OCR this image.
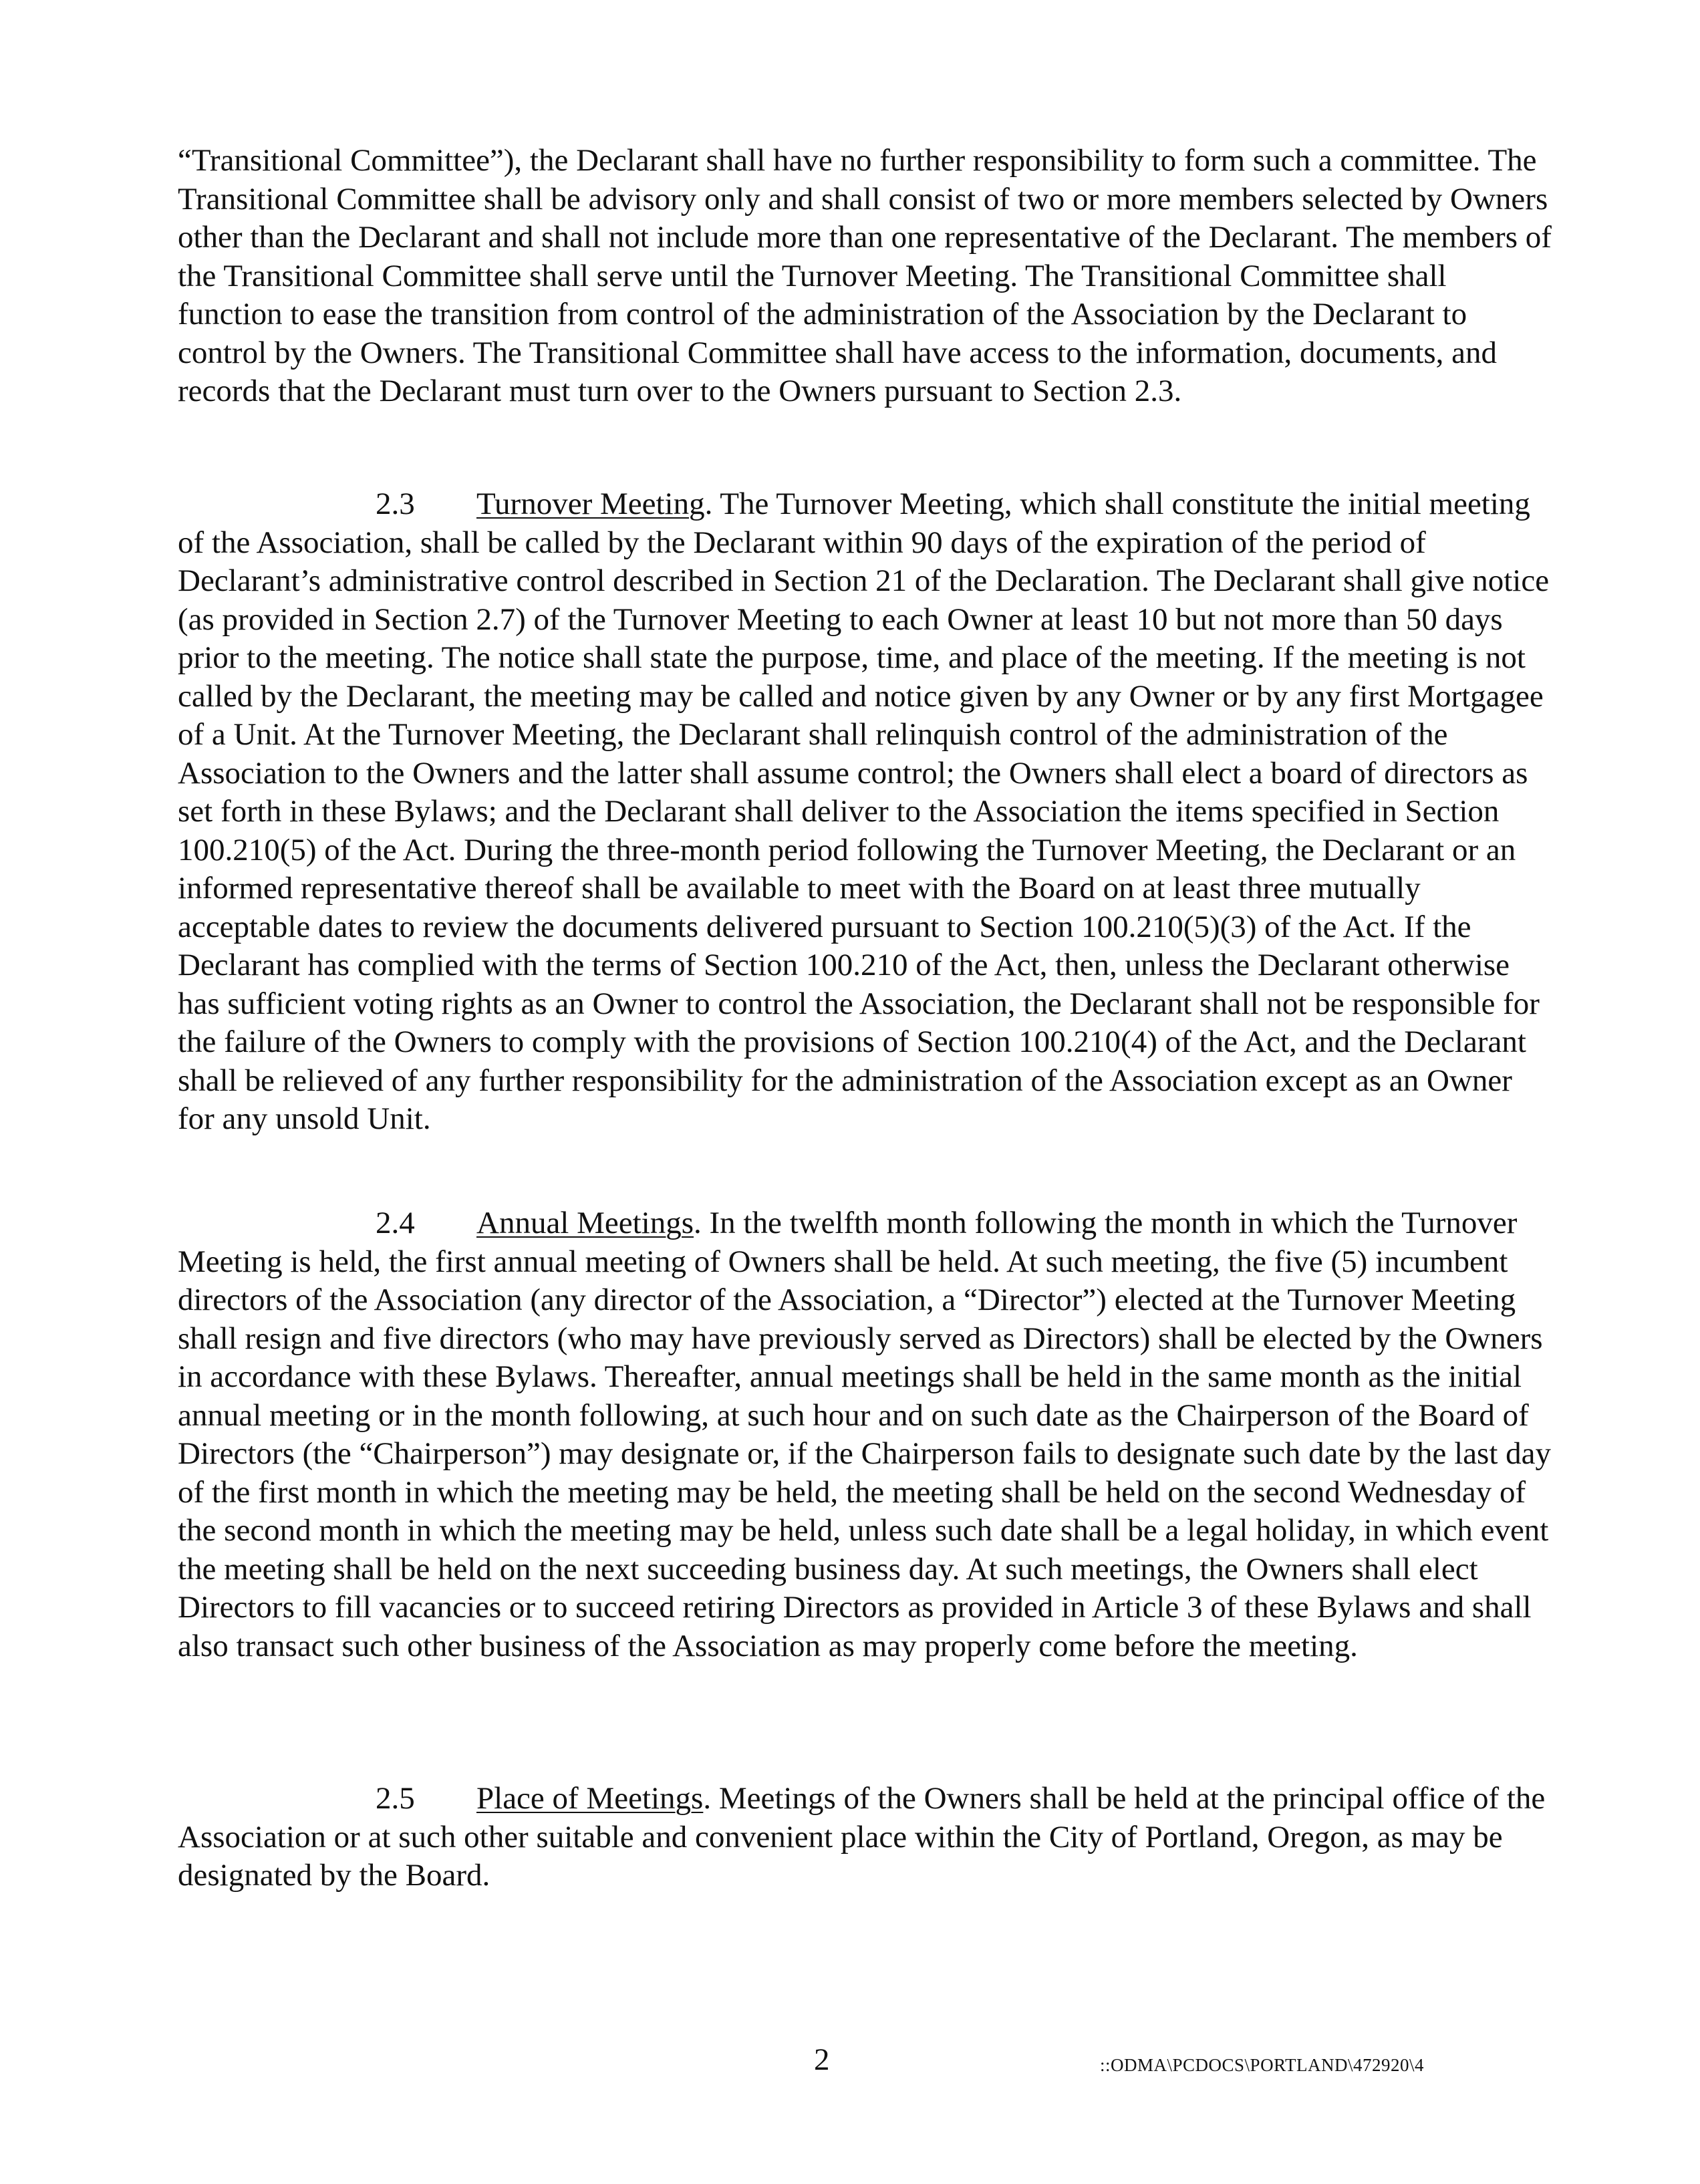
“Transitional Committee”), the Declarant shall have no further responsibility to form such a committee. The Transitional Committee shall be advisory only and shall consist of two or more members selected by Owners other than the Declarant and shall not include more than one representative of the Declarant. The members of the Transitional Committee shall serve until the Turnover Meeting. The Transitional Committee shall function to ease the transition from control of the administration of the Association by the Declarant to control by the Owners. The Transitional Committee shall have access to the information, documents, and records that the Declarant must turn over to the Owners pursuant to Section 2.3.

2.3 Turnover Meeting. The Turnover Meeting, which shall constitute the initial meeting of the Association, shall be called by the Declarant within 90 days of the expiration of the period of Declarant’s administrative control described in Section 21 of the Declaration. The Declarant shall give notice (as provided in Section 2.7) of the Turnover Meeting to each Owner at least 10 but not more than 50 days prior to the meeting. The notice shall state the purpose, time, and place of the meeting. If the meeting is not called by the Declarant, the meeting may be called and notice given by any Owner or by any first Mortgagee of a Unit. At the Turnover Meeting, the Declarant shall relinquish control of the administration of the Association to the Owners and the latter shall assume control; the Owners shall elect a board of directors as set forth in these Bylaws; and the Declarant shall deliver to the Association the items specified in Section 100.210(5) of the Act. During the three-month period following the Turnover Meeting, the Declarant or an informed representative thereof shall be available to meet with the Board on at least three mutually acceptable dates to review the documents delivered pursuant to Section 100.210(5)(3) of the Act. If the Declarant has complied with the terms of Section 100.210 of the Act, then, unless the Declarant otherwise has sufficient voting rights as an Owner to control the Association, the Declarant shall not be responsible for the failure of the Owners to comply with the provisions of Section 100.210(4) of the Act, and the Declarant shall be relieved of any further responsibility for the administration of the Association except as an Owner for any unsold Unit.

2.4 Annual Meetings. In the twelfth month following the month in which the Turnover Meeting is held, the first annual meeting of Owners shall be held. At such meeting, the five (5) incumbent directors of the Association (any director of the Association, a “Director”) elected at the Turnover Meeting shall resign and five directors (who may have previously served as Directors) shall be elected by the Owners in accordance with these Bylaws. Thereafter, annual meetings shall be held in the same month as the initial annual meeting or in the month following, at such hour and on such date as the Chairperson of the Board of Directors (the “Chairperson”) may designate or, if the Chairperson fails to designate such date by the last day of the first month in which the meeting may be held, the meeting shall be held on the second Wednesday of the second month in which the meeting may be held, unless such date shall be a legal holiday, in which event the meeting shall be held on the next succeeding business day. At such meetings, the Owners shall elect Directors to fill vacancies or to succeed retiring Directors as provided in Article 3 of these Bylaws and shall also transact such other business of the Association as may properly come before the meeting.

2.5 Place of Meetings. Meetings of the Owners shall be held at the principal office of the Association or at such other suitable and convenient place within the City of Portland, Oregon, as may be designated by the Board.

2	::ODMA\PCDOCS\PORTLAND\472920\4
